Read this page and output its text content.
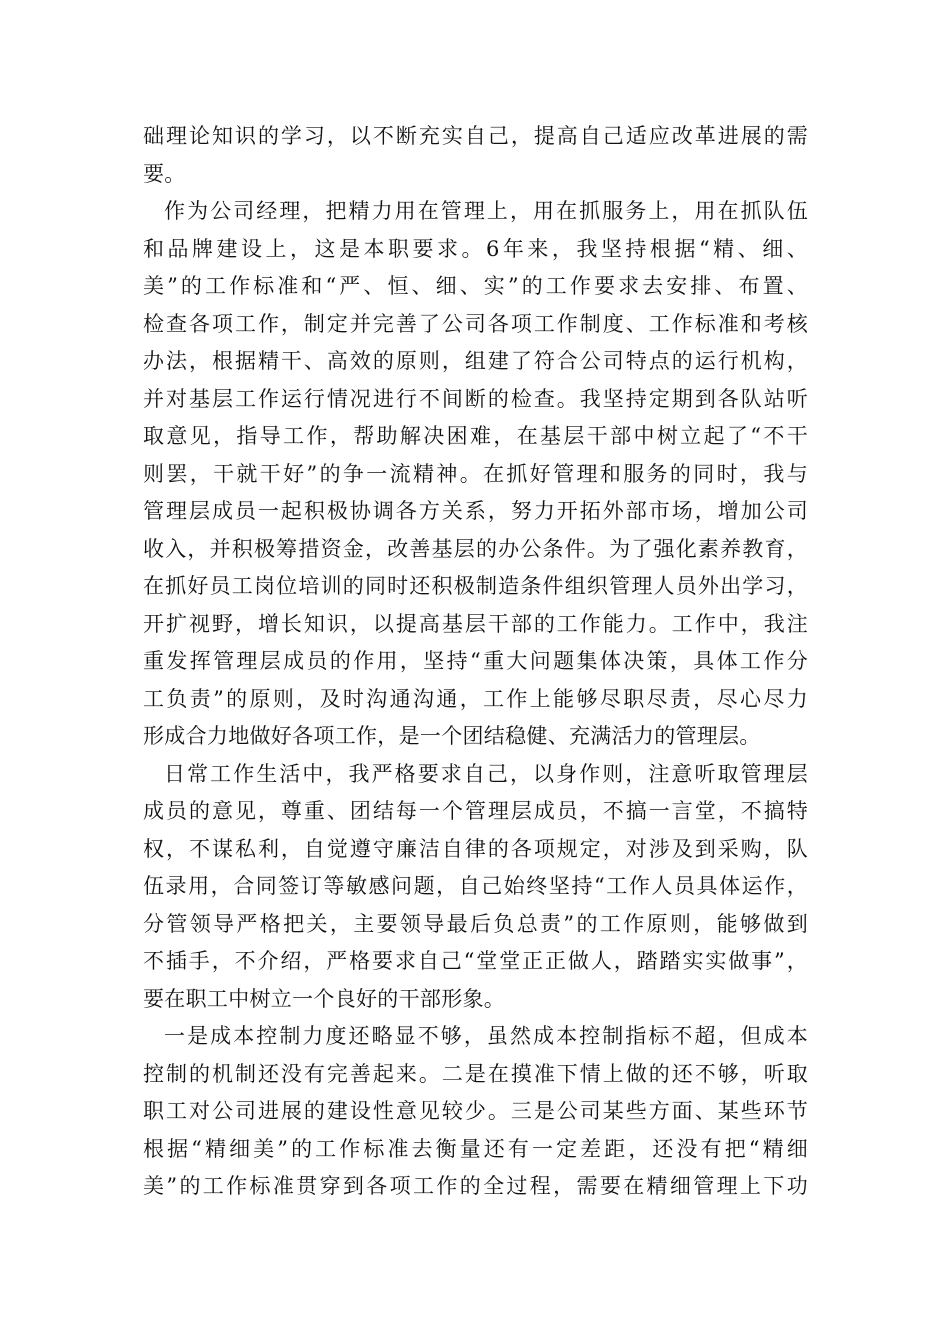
础理论知识的学习，以不断充实自己，提高自己适应改革进展的需
要。
作为公司经理，把精力用在管理上，用在抓服务上，用在抓队伍
和品牌建设上，这是本职要求。6年来，我坚持根据“精、细、
美”的工作标准和“严、恒、细、实”的工作要求去安排、布置、
检查各项工作，制定并完善了公司各项工作制度、工作标准和考核
办法，根据精干、高效的原则，组建了符合公司特点的运行机构，
并对基层工作运行情况进行不间断的检查。我坚持定期到各队站听
取意见，指导工作，帮助解决困难，在基层干部中树立起了“不干
则罢，干就干好”的争一流精神。在抓好管理和服务的同时，我与
管理层成员一起积极协调各方关系，努力开拓外部市场，增加公司
收入，并积极筹措资金，改善基层的办公条件。为了强化素养教育，
在抓好员工岗位培训的同时还积极制造条件组织管理人员外出学习，
开扩视野，增长知识，以提高基层干部的工作能力。工作中，我注
重发挥管理层成员的作用，坚持“重大问题集体决策，具体工作分
工负责”的原则，及时沟通沟通，工作上能够尽职尽责，尽心尽力
形成合力地做好各项工作，是一个团结稳健、充满活力的管理层。
日常工作生活中，我严格要求自己，以身作则，注意听取管理层
成员的意见，尊重、团结每一个管理层成员，不搞一言堂，不搞特
权，不谋私利，自觉遵守廉洁自律的各项规定，对涉及到采购，队
伍录用，合同签订等敏感问题，自己始终坚持“工作人员具体运作，
分管领导严格把关，主要领导最后负总责”的工作原则，能够做到
不插手，不介绍，严格要求自己“堂堂正正做人，踏踏实实做事”，
要在职工中树立一个良好的干部形象。
一是成本控制力度还略显不够，虽然成本控制指标不超，但成本
控制的机制还没有完善起来。二是在摸准下情上做的还不够，听取
职工对公司进展的建设性意见较少。三是公司某些方面、某些环节
根据“精细美”的工作标准去衡量还有一定差距，还没有把“精细
美”的工作标准贯穿到各项工作的全过程，需要在精细管理上下功
